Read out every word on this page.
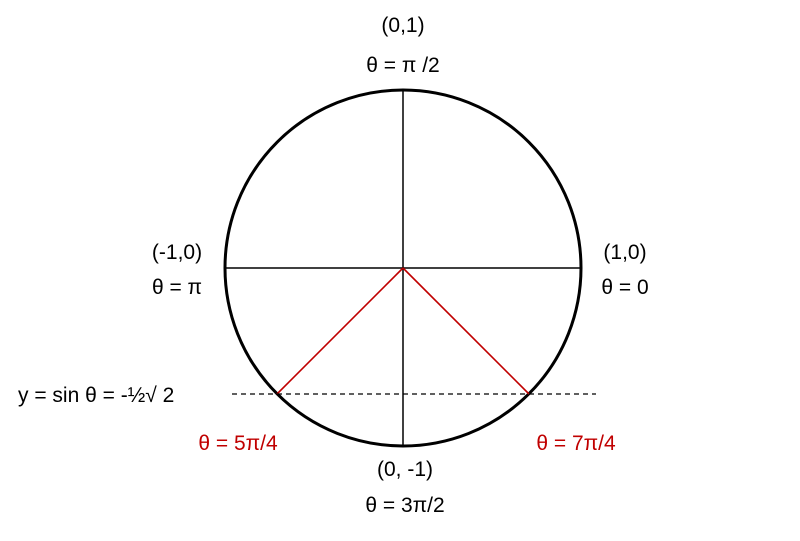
(0,1)
θ = π /2
(-1,0)
θ = π
(1,0)
θ = 0
y = sin θ = -½√ 2
θ = 5π/4	θ = 7π/4
(0, -1)
θ = 3π/2
